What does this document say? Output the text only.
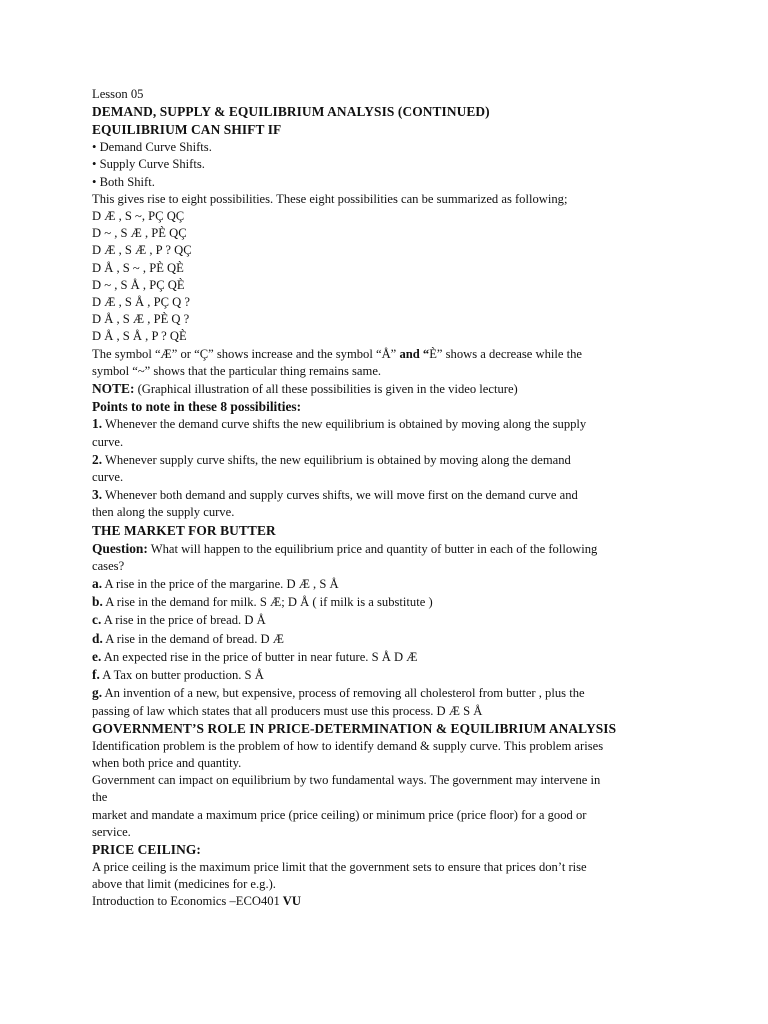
Lesson 05

DEMAND, SUPPLY & EQUILIBRIUM ANALYSIS (CONTINUED)

EQUILIBRIUM CAN SHIFT IF

• Demand Curve Shifts.

• Supply Curve Shifts.

• Both Shift.

This gives rise to eight possibilities. These eight possibilities can be summarized as following;

D Æ , S ~, PÇ QÇ

D ~ , S Æ , PÈ QÇ

D Æ , S Æ , P ? QÇ

D Å , S ~ , PÈ QÈ

D ~ , S Å , PÇ QÈ

D Æ , S Å , PÇ Q ?

D Å , S Æ , PÈ Q ?

D Å , S Å , P ? QÈ

The symbol “Æ” or “Ç” shows increase and the symbol “Å” and “È” shows a decrease while the

symbol “~” shows that the particular thing remains same.

NOTE: (Graphical illustration of all these possibilities is given in the video lecture)

Points to note in these 8 possibilities:

1. Whenever the demand curve shifts the new equilibrium is obtained by moving along the supply

curve.

2. Whenever supply curve shifts, the new equilibrium is obtained by moving along the demand

curve.

3. Whenever both demand and supply curves shifts, we will move first on the demand curve and

then along the supply curve.

THE MARKET FOR BUTTER

Question: What will happen to the equilibrium price and quantity of butter in each of the following

cases?

a. A rise in the price of the margarine. D Æ , S Å

b. A rise in the demand for milk. S Æ; D Å ( if milk is a substitute )

c. A rise in the price of bread. D Å

d. A rise in the demand of bread. D Æ

e. An expected rise in the price of butter in near future. S Å D Æ

f. A Tax on butter production. S Å

g. An invention of a new, but expensive, process of removing all cholesterol from butter , plus the

passing of law which states that all producers must use this process. D Æ S Å

GOVERNMENT’S ROLE IN PRICE-DETERMINATION & EQUILIBRIUM ANALYSIS

Identification problem is the problem of how to identify demand & supply curve. This problem arises

when both price and quantity.

Government can impact on equilibrium by two fundamental ways. The government may intervene in

the

market and mandate a maximum price (price ceiling) or minimum price (price floor) for a good or

service.

PRICE CEILING:

A price ceiling is the maximum price limit that the government sets to ensure that prices don’t rise

above that limit (medicines for e.g.).

Introduction to Economics –ECO401 VU
